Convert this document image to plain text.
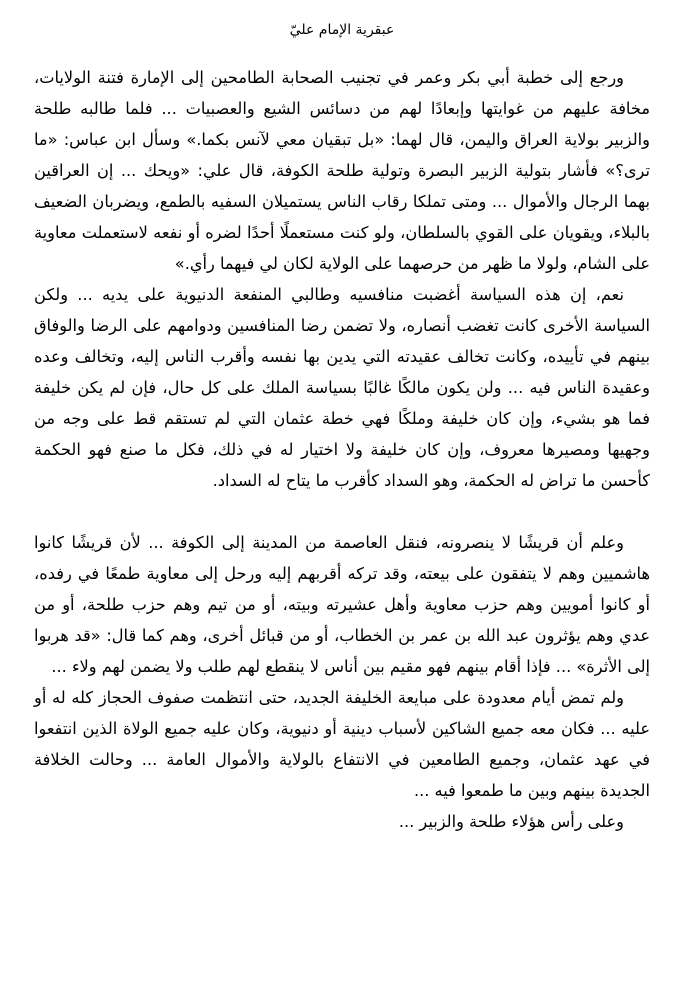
عبقرية الإمام عليّ

ورجع إلى خطبة أبي بكر وعمر في تجنيب الصحابة الطامحين إلى الإمارة فتنة الولايات، مخافة عليهم من غوايتها وإبعادًا لهم من دسائس الشيع والعصبيات ... فلما طالبه طلحة والزبير بولاية العراق واليمن، قال لهما: «بل تبقيان معي لآنس بكما.» وسأل ابن عباس: «ما ترى؟» فأشار بتولية الزبير البصرة وتولية طلحة الكوفة، قال علي: «ويحك ... إن العراقين بهما الرجال والأموال ... ومتى تملكا رقاب الناس يستميلان السفيه بالطمع، ويضربان الضعيف بالبلاء، ويقويان على القوي بالسلطان، ولو كنت مستعملًا أحدًا لضره أو نفعه لاستعملت معاوية على الشام، ولولا ما ظهر من حرصهما على الولاية لكان لي فيهما رأي.»

نعم، إن هذه السياسة أغضبت منافسيه وطالبي المنفعة الدنيوية على يديه ... ولكن السياسة الأخرى كانت تغضب أنصاره، ولا تضمن رضا المنافسين ودوامهم على الرضا والوفاق بينهم في تأييده، وكانت تخالف عقيدته التي يدين بها نفسه وأقرب الناس إليه، وتخالف وعده وعقيدة الناس فيه ... ولن يكون مالكًا غالبًا بسياسة الملك على كل حال، فإن لم يكن خليفة فما هو بشيء، وإن كان خليفة وملكًا فهي خطة عثمان التي لم تستقم قط على وجه من وجهيها ومصيرها معروف، وإن كان خليفة ولا اختيار له في ذلك، فكل ما صنع فهو الحكمة كأحسن ما تراض له الحكمة، وهو السداد كأقرب ما يتاح له السداد.

وعلم أن قريشًا لا ينصرونه، فنقل العاصمة من المدينة إلى الكوفة ... لأن قريشًا كانوا هاشميين وهم لا يتفقون على بيعته، وقد تركه أقربهم إليه ورحل إلى معاوية طمعًا في رفده، أو كانوا أمويين وهم حزب معاوية وأهل عشيرته وبيته، أو من تيم وهم حزب طلحة، أو من عدي وهم يؤثرون عبد الله بن عمر بن الخطاب، أو من قبائل أخرى، وهم كما قال: «قد هربوا إلى الأثرة» ... فإذا أقام بينهم فهو مقيم بين أناس لا ينقطع لهم طلب ولا يضمن لهم ولاء ...

ولم تمض أيام معدودة على مبايعة الخليفة الجديد، حتى انتظمت صفوف الحجاز كله له أو عليه ... فكان معه جميع الشاكين لأسباب دينية أو دنيوية، وكان عليه جميع الولاة الذين انتفعوا في عهد عثمان، وجميع الطامعين في الانتفاع بالولاية والأموال العامة ... وحالت الخلافة الجديدة بينهم وبين ما طمعوا فيه ...

وعلى رأس هؤلاء طلحة والزبير ...
